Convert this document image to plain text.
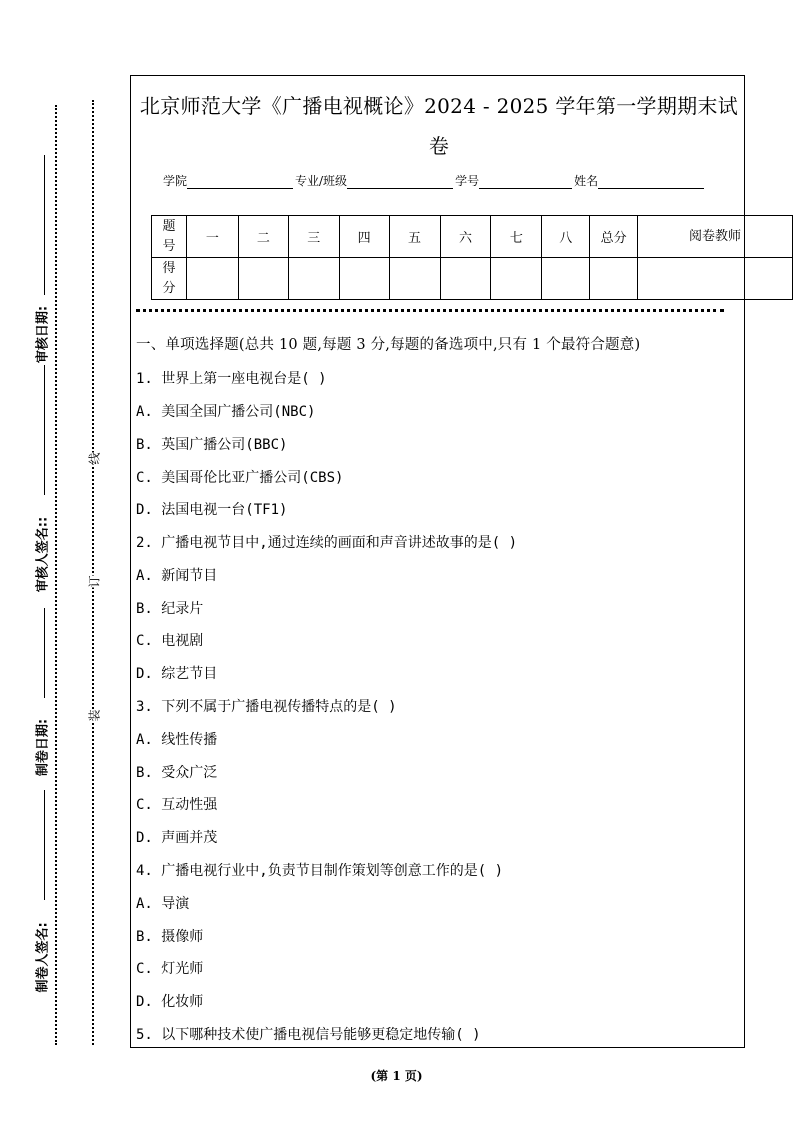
审核日期:
审核人签名::
制卷日期:
制卷人签名:
线
订
装
北京师范大学《广播电视概论》2024 - 2025 学年第一学期期末试
卷
学院	专业/班级	学号	姓名
题号	一	二	三	四	五	六	七	八	总分	阅卷教师
得分										
一、单项选择题(总共 10 题,每题 3 分,每题的备选项中,只有 1 个最符合题意)
1. 世界上第一座电视台是( )
A. 美国全国广播公司(NBC)
B. 英国广播公司(BBC)
C. 美国哥伦比亚广播公司(CBS)
D. 法国电视一台(TF1)
2. 广播电视节目中,通过连续的画面和声音讲述故事的是( )
A. 新闻节目
B. 纪录片
C. 电视剧
D. 综艺节目
3. 下列不属于广播电视传播特点的是( )
A. 线性传播
B. 受众广泛
C. 互动性强
D. 声画并茂
4. 广播电视行业中,负责节目制作策划等创意工作的是( )
A. 导演
B. 摄像师
C. 灯光师
D. 化妆师
5. 以下哪种技术使广播电视信号能够更稳定地传输( )
(第 1 页)
